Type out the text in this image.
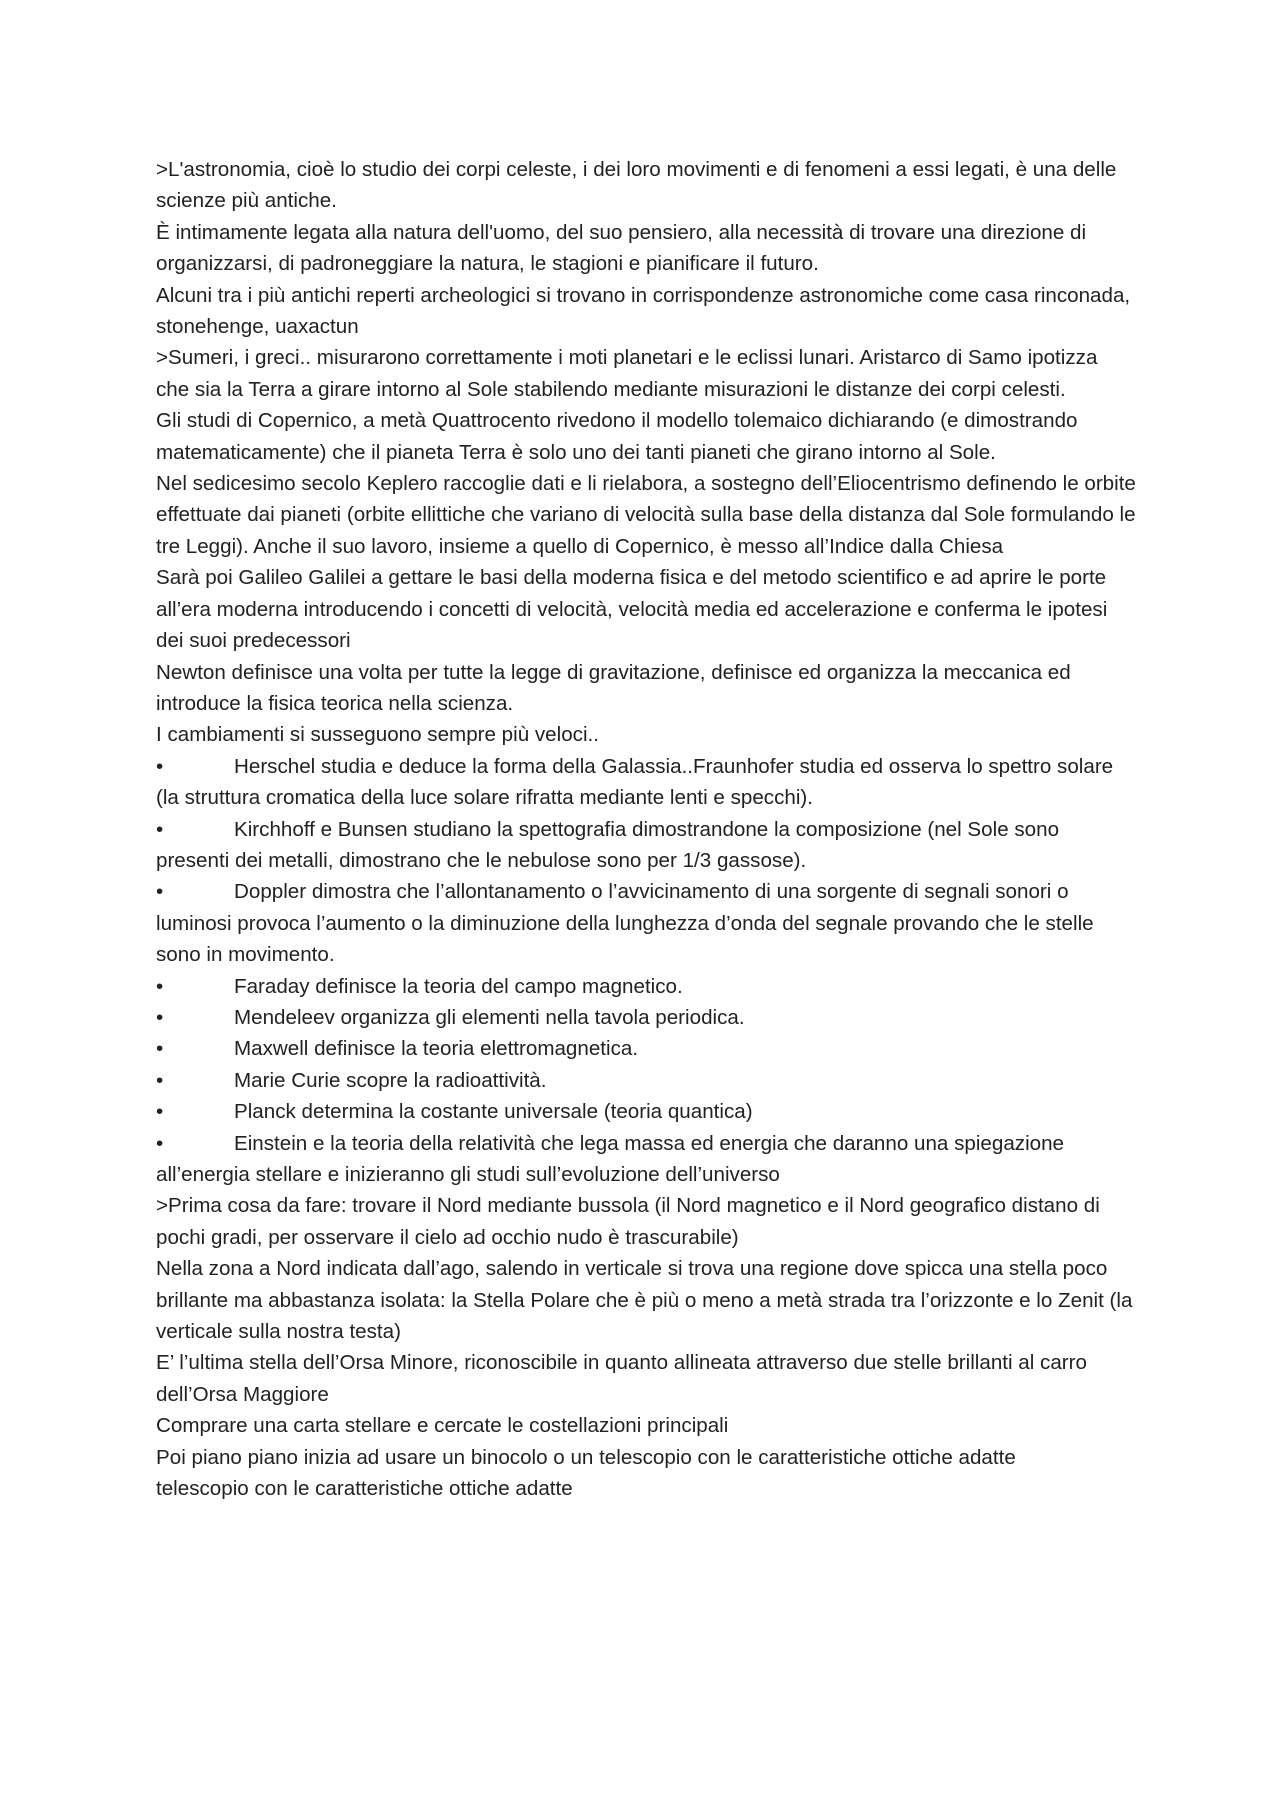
>L'astronomia, cioè lo studio dei corpi celeste, i dei loro movimenti e di fenomeni a essi legati, è una delle scienze più antiche.

È intimamente legata alla natura dell'uomo, del suo pensiero, alla necessità di trovare una direzione di organizzarsi, di padroneggiare la natura, le stagioni e pianificare il futuro.

Alcuni tra i più antichi reperti archeologici si trovano in corrispondenze astronomiche come casa rinconada, stonehenge, uaxactun

>Sumeri, i greci.. misurarono correttamente i moti planetari e le eclissi lunari. Aristarco di Samo ipotizza che sia la Terra a girare intorno al Sole stabilendo mediante misurazioni le distanze dei corpi celesti.

Gli studi di Copernico, a metà Quattrocento rivedono il modello tolemaico dichiarando (e dimostrando matematicamente) che il pianeta Terra è solo uno dei tanti pianeti che girano intorno al Sole.

Nel sedicesimo secolo Keplero raccoglie dati e li rielabora, a sostegno dell’Eliocentrismo definendo le orbite effettuate dai pianeti (orbite ellittiche che variano di velocità sulla base della distanza dal Sole formulando le tre Leggi). Anche il suo lavoro, insieme a quello di Copernico, è messo all’Indice dalla Chiesa

Sarà poi Galileo Galilei a gettare le basi della moderna fisica e del metodo scientifico e ad aprire le porte all’era moderna introducendo i concetti di velocità, velocità media ed accelerazione e conferma le ipotesi dei suoi predecessori

Newton definisce una volta per tutte la legge di gravitazione, definisce ed organizza la meccanica ed introduce la fisica teorica nella scienza.

I cambiamenti si susseguono sempre più veloci..

•	Herschel studia e deduce la forma della Galassia..Fraunhofer studia ed osserva lo spettro solare (la struttura cromatica della luce solare rifratta mediante lenti e specchi).

•	Kirchhoff e Bunsen studiano la spettografia dimostrandone la composizione (nel Sole sono presenti dei metalli, dimostrano che le nebulose sono per 1/3 gassose).

•	Doppler dimostra che l’allontanamento o l’avvicinamento di una sorgente di segnali sonori o luminosi provoca l’aumento o la diminuzione della lunghezza d’onda del segnale provando che le stelle sono in movimento.

•	Faraday definisce la teoria del campo magnetico.

•	Mendeleev organizza gli elementi nella tavola periodica.

•	Maxwell definisce la teoria elettromagnetica.

•	Marie Curie scopre la radioattività.

•	Planck determina la costante universale (teoria quantica)

•	Einstein e la teoria della relatività che lega massa ed energia che daranno una spiegazione all’energia stellare e inizieranno gli studi sull’evoluzione dell’universo

>Prima cosa da fare: trovare il Nord mediante bussola (il Nord magnetico e il Nord geografico distano di pochi gradi, per osservare il cielo ad occhio nudo è trascurabile)

Nella zona a Nord indicata dall’ago, salendo in verticale si trova una regione dove spicca una stella poco brillante ma abbastanza isolata: la Stella Polare che è più o meno a metà strada tra l’orizzonte e lo Zenit (la verticale sulla nostra testa)

E’ l’ultima stella dell’Orsa Minore, riconoscibile in quanto allineata attraverso due stelle brillanti al carro dell’Orsa Maggiore

Comprare una carta stellare e cercate le costellazioni principali

Poi piano piano inizia ad usare un binocolo o un telescopio con le caratteristiche ottiche adatte

telescopio con le caratteristiche ottiche adatte
